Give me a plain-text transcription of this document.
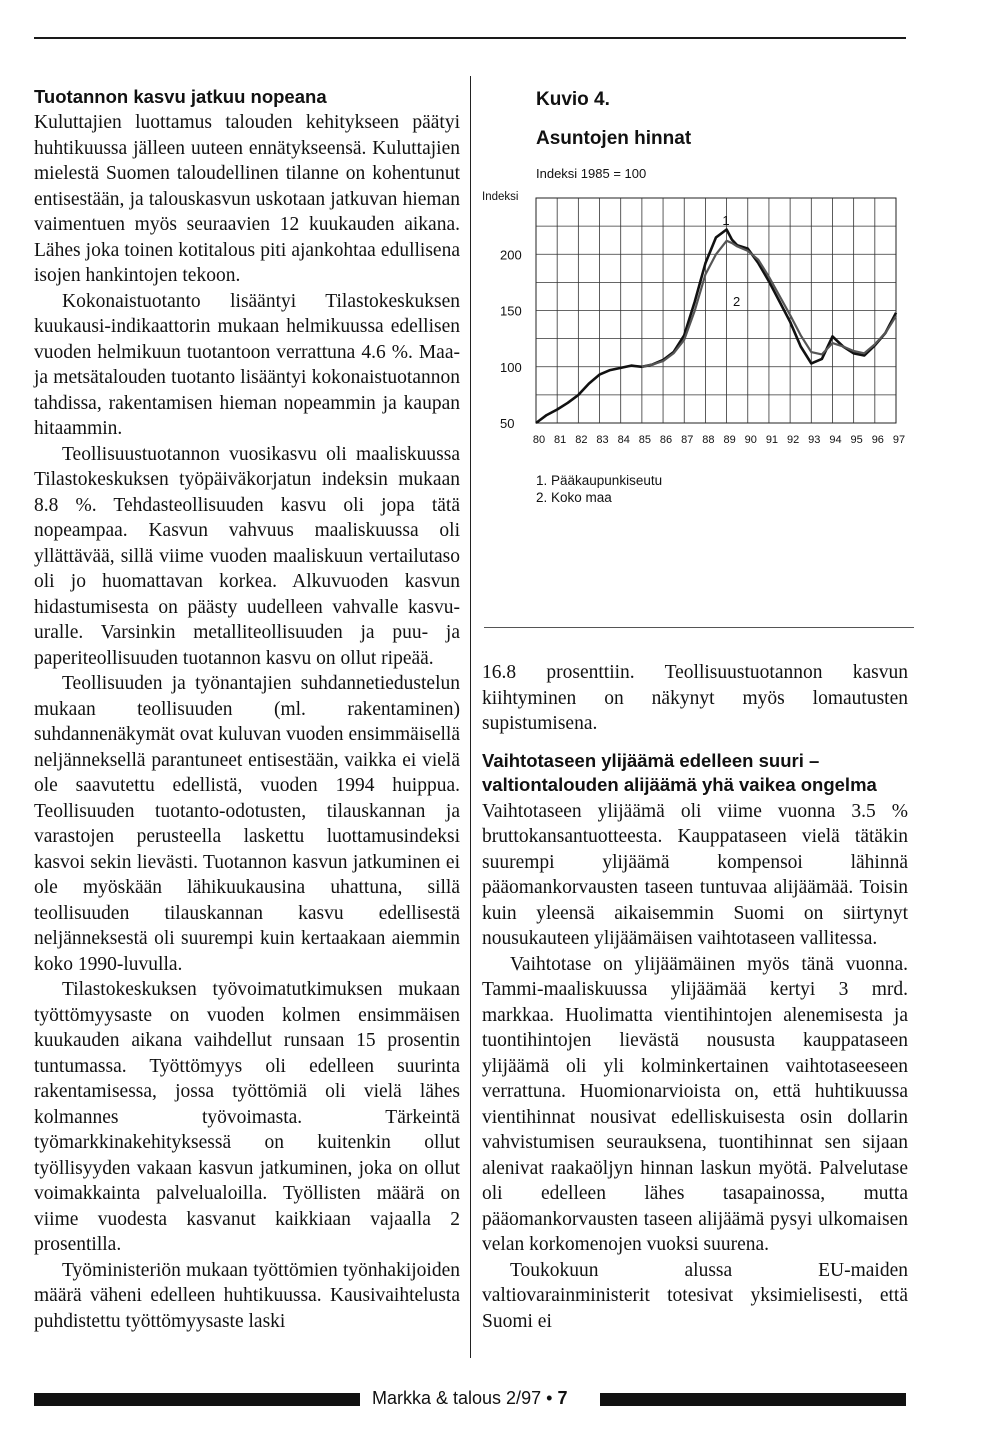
Tuotannon kasvu jatkuu nopeana

Kuluttajien luottamus talouden kehitykseen päätyi huhtikuussa jälleen uuteen ennätykseensä. Kuluttajien mielestä Suomen taloudellinen tilanne on kohentunut entisestään, ja talouskasvun uskotaan jatkuvan hieman vaimentuen myös seuraavien 12 kuukauden aikana. Lähes joka toinen kotitalous piti ajankohtaa edullisena isojen hankintojen tekoon.

Kokonaistuotanto lisääntyi Tilastokeskuksen kuukausi-indikaattorin mukaan helmikuussa edellisen vuoden helmikuun tuotantoon verrattuna 4.6 %. Maa- ja metsätalouden tuotanto lisääntyi kokonaistuotannon tahdissa, rakentamisen hieman nopeammin ja kaupan hitaammin.

Teollisuustuotannon vuosikasvu oli maaliskuussa Tilastokeskuksen työpäiväkorjatun indeksin mukaan 8.8 %. Tehdasteollisuuden kasvu oli jopa tätä nopeampaa. Kasvun vahvuus maaliskuussa oli yllättävää, sillä viime vuoden maaliskuun vertailutaso oli jo huomattavan korkea. Alkuvuoden kasvun hidastumisesta on päästy uudelleen vahvalle kasvu-uralle. Varsinkin metalliteollisuuden ja puu- ja paperiteollisuuden tuotannon kasvu on ollut ripeää.

Teollisuuden ja työnantajien suhdannetiedustelun mukaan teollisuuden (ml. rakentaminen) suhdannenäkymät ovat kuluvan vuoden ensimmäisellä neljänneksellä parantuneet entisestään, vaikka ei vielä ole saavutettu edellistä, vuoden 1994 huippua. Teollisuuden tuotanto-odotusten, tilauskannan ja varastojen perusteella laskettu luottamusindeksi kasvoi sekin lievästi. Tuotannon kasvun jatkuminen ei ole myöskään lähikuukausina uhattuna, sillä teollisuuden tilauskannan kasvu edellisestä neljänneksestä oli suurempi kuin kertaakaan aiemmin koko 1990-luvulla.

Tilastokeskuksen työvoimatutkimuksen mukaan työttömyysaste on vuoden kolmen ensimmäisen kuukauden aikana vaihdellut runsaan 15 prosentin tuntumassa. Työttömyys oli edelleen suurinta rakentamisessa, jossa työttömiä oli vielä lähes kolmannes työvoimasta. Tärkeintä työmarkkinakehityksessä on kuitenkin ollut työllisyyden vakaan kasvun jatkuminen, joka on ollut voimakkainta palvelualoilla. Työllisten määrä on viime vuodesta kasvanut kaikkiaan vajaalla 2 prosentilla.

Työministeriön mukaan työttömien työnhakijoiden määrä väheni edelleen huhtikuussa. Kausivaihtelusta puhdistettu työttömyysaste laski

Kuvio 4.
Asuntojen hinnat
Indeksi 1985 = 100
Indeksi
50
100
150
200
80 81 82 83 84 85 86 87 88 89 90 91 92 93 94 95 96 97
1
2
1. Pääkaupunkiseutu
2. Koko maa

16.8 prosenttiin. Teollisuustuotannon kasvun kiihtyminen on näkynyt myös lomautusten supistumisena.

Vaihtotaseen ylijäämä edelleen suuri – valtiontalouden alijäämä yhä vaikea ongelma

Vaihtotaseen ylijäämä oli viime vuonna 3.5 % bruttokansantuotteesta. Kauppataseen vielä tätäkin suurempi ylijäämä kompensoi lähinnä pääomankorvausten taseen tuntuvaa alijäämää. Toisin kuin yleensä aikaisemmin Suomi on siirtynyt nousukauteen ylijäämäisen vaihtotaseen vallitessa.

Vaihtotase on ylijäämäinen myös tänä vuonna. Tammi-maaliskuussa ylijäämää kertyi 3 mrd. markkaa. Huolimatta vientihintojen alenemisesta ja tuontihintojen lievästä noususta kauppataseen ylijäämä oli yli kolminkertainen vaihtotaseeseen verrattuna. Huomionarvioista on, että huhtikuussa vientihinnat nousivat edelliskuisesta osin dollarin vahvistumisen seurauksena, tuontihinnat sen sijaan alenivat raakaöljyn hinnan laskun myötä. Palvelutase oli edelleen lähes tasapainossa, mutta pääomankorvausten taseen alijäämä pysyi ulkomaisen velan korkomenojen vuoksi suurena.

Toukokuun alussa EU-maiden valtiovarainministerit totesivat yksimielisesti, että Suomi ei

Markka & talous 2/97 • 7
